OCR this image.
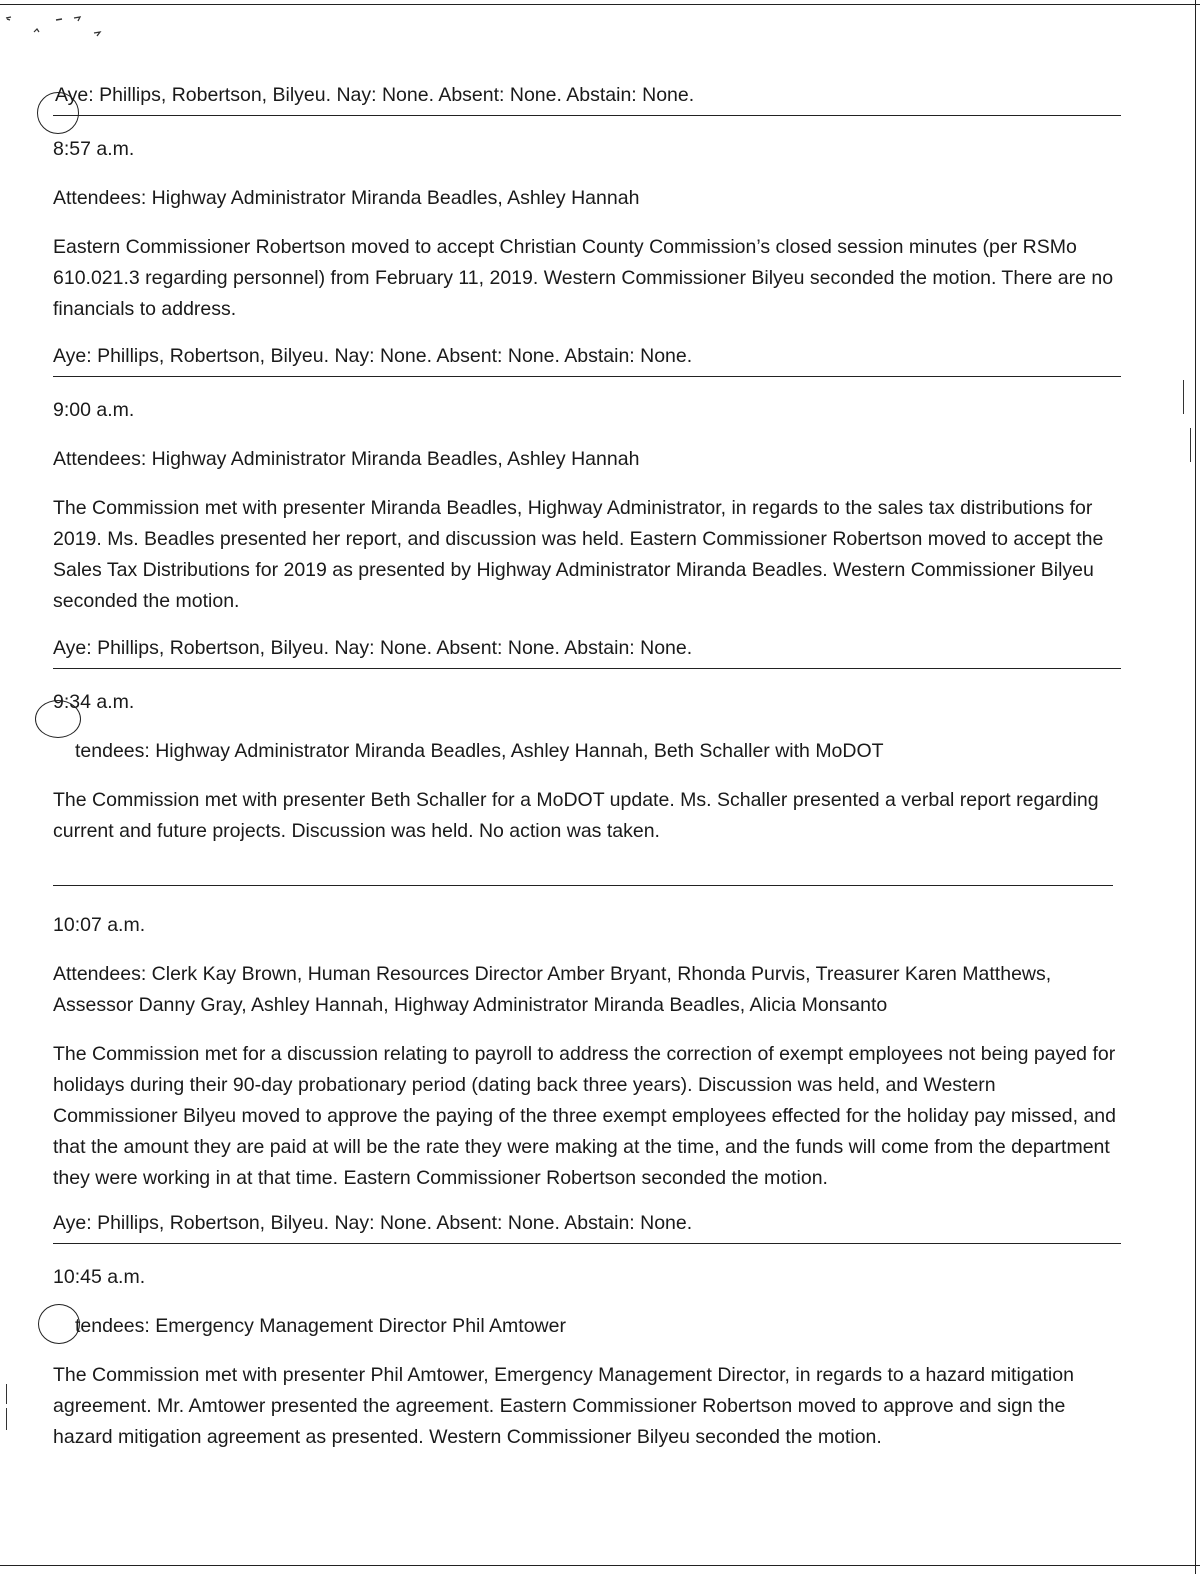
Aye: Phillips, Robertson, Bilyeu. Nay: None. Absent: None. Abstain: None.

8:57 a.m.

Attendees: Highway Administrator Miranda Beadles, Ashley Hannah

Eastern Commissioner Robertson moved to accept Christian County Commission’s closed session minutes (per RSMo 610.021.3 regarding personnel) from February 11, 2019. Western Commissioner Bilyeu seconded the motion. There are no financials to address.

Aye: Phillips, Robertson, Bilyeu. Nay: None. Absent: None. Abstain: None.

9:00 a.m.

Attendees: Highway Administrator Miranda Beadles, Ashley Hannah

The Commission met with presenter Miranda Beadles, Highway Administrator, in regards to the sales tax distributions for 2019. Ms. Beadles presented her report, and discussion was held. Eastern Commissioner Robertson moved to accept the Sales Tax Distributions for 2019 as presented by Highway Administrator Miranda Beadles. Western Commissioner Bilyeu seconded the motion.

Aye: Phillips, Robertson, Bilyeu. Nay: None. Absent: None. Abstain: None.

9:34 a.m.

tendees: Highway Administrator Miranda Beadles, Ashley Hannah, Beth Schaller with MoDOT

The Commission met with presenter Beth Schaller for a MoDOT update. Ms. Schaller presented a verbal report regarding current and future projects. Discussion was held. No action was taken.

10:07 a.m.

Attendees: Clerk Kay Brown, Human Resources Director Amber Bryant, Rhonda Purvis, Treasurer Karen Matthews, Assessor Danny Gray, Ashley Hannah, Highway Administrator Miranda Beadles, Alicia Monsanto

The Commission met for a discussion relating to payroll to address the correction of exempt employees not being payed for holidays during their 90-day probationary period (dating back three years). Discussion was held, and Western Commissioner Bilyeu moved to approve the paying of the three exempt employees effected for the holiday pay missed, and that the amount they are paid at will be the rate they were making at the time, and the funds will come from the department they were working in at that time. Eastern Commissioner Robertson seconded the motion.

Aye: Phillips, Robertson, Bilyeu. Nay: None. Absent: None. Abstain: None.

10:45 a.m.

tendees: Emergency Management Director Phil Amtower

The Commission met with presenter Phil Amtower, Emergency Management Director, in regards to a hazard mitigation agreement. Mr. Amtower presented the agreement. Eastern Commissioner Robertson moved to approve and sign the hazard mitigation agreement as presented. Western Commissioner Bilyeu seconded the motion.
